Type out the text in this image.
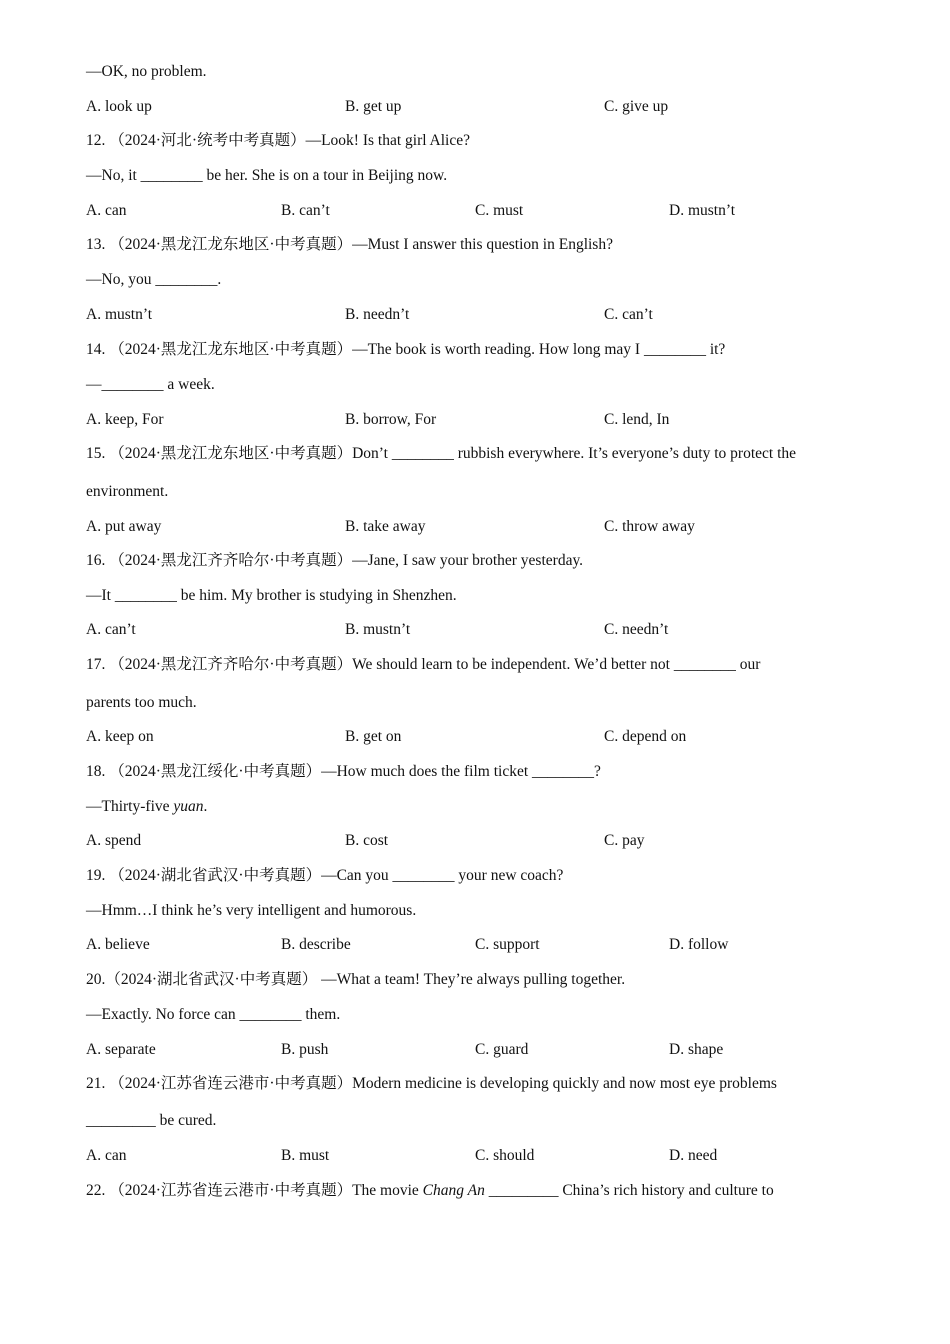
—OK, no problem.
A. look up	B. get up	C. give up
12. （2024·河北·统考中考真题）—Look! Is that girl Alice?
—No, it ________ be her. She is on a tour in Beijing now.
A. can	B. can’t	C. must	D. mustn’t
13. （2024·黑龙江龙东地区·中考真题）—Must I answer this question in English?
—No, you ________.
A. mustn’t	B. needn’t	C. can’t
14. （2024·黑龙江龙东地区·中考真题）—The book is worth reading. How long may I ________ it?
—________ a week.
A. keep, For	B. borrow, For	C. lend, In
15. （2024·黑龙江龙东地区·中考真题）Don’t ________ rubbish everywhere. It’s everyone’s duty to protect the
environment.
A. put away	B. take away	C. throw away
16. （2024·黑龙江齐齐哈尔·中考真题）—Jane, I saw your brother yesterday.
—It ________ be him. My brother is studying in Shenzhen.
A. can’t	B. mustn’t	C. needn’t
17. （2024·黑龙江齐齐哈尔·中考真题）We should learn to be independent. We’d better not ________ our
parents too much.
A. keep on	B. get on	C. depend on
18. （2024·黑龙江绥化·中考真题）—How much does the film ticket ________?
—Thirty-five yuan.
A. spend	B. cost	C. pay
19. （2024·湖北省武汉·中考真题）—Can you ________ your new coach?
—Hmm…I think he’s very intelligent and humorous.
A. believe	B. describe	C. support	D. follow
20.（2024·湖北省武汉·中考真题） —What a team! They’re always pulling together.
—Exactly. No force can ________ them.
A. separate	B. push	C. guard	D. shape
21. （2024·江苏省连云港市·中考真题）Modern medicine is developing quickly and now most eye problems
_________ be cured.
A. can	B. must	C. should	D. need
22. （2024·江苏省连云港市·中考真题）The movie Chang An _________ China’s rich history and culture to
